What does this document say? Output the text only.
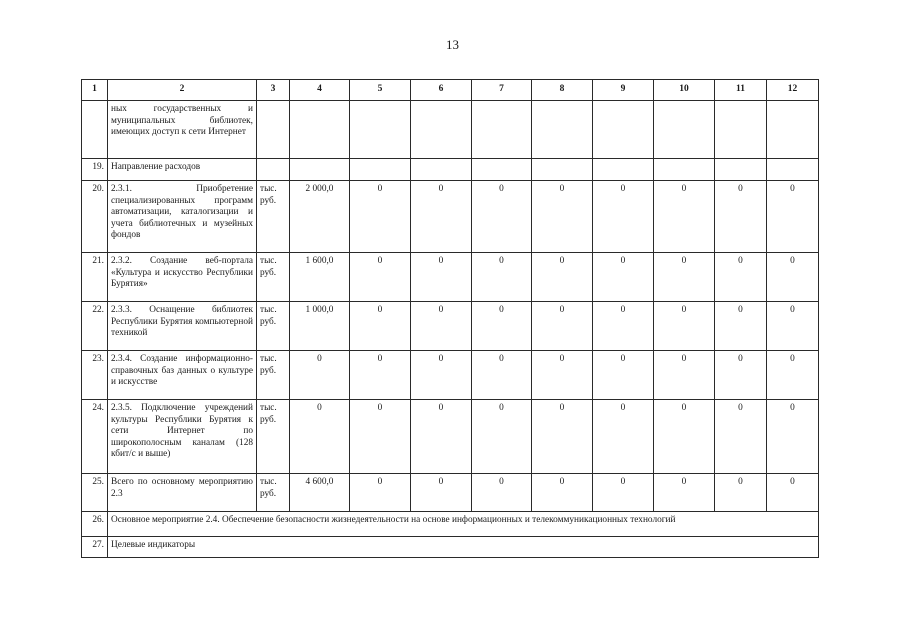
13
1	2	3	4	5	6	7	8	9	10	11	12
	ных государственных и муниципальных библиотек, имеющих доступ к сети Интернет										
19.	Направление расходов										
20.	2.3.1. Приобретение специализированных программ автоматизации, каталогизации и учета библиотечных и музейных фондов	тыс. руб.	2 000,0	0	0	0	0	0	0	0	0
21.	2.3.2. Создание веб-портала «Культура и искусство Республики Бурятия»	тыс. руб.	1 600,0	0	0	0	0	0	0	0	0
22.	2.3.3. Оснащение библиотек Республики Бурятия компьютерной техникой	тыс. руб.	1 000,0	0	0	0	0	0	0	0	0
23.	2.3.4. Создание информационно-справочных баз данных о культуре и искусстве	тыс. руб.	0	0	0	0	0	0	0	0	0
24.	2.3.5. Подключение учреждений культуры Республики Бурятия к сети Интернет по широкополосным каналам (128 кбит/с и выше)	тыс. руб.	0	0	0	0	0	0	0	0	0
25.	Всего по основному мероприятию 2.3	тыс. руб.	4 600,0	0	0	0	0	0	0	0	0
26.	Основное мероприятие 2.4. Обеспечение безопасности жизнедеятельности на основе информационных и телекоммуникационных технологий										
27.	Целевые индикаторы										
